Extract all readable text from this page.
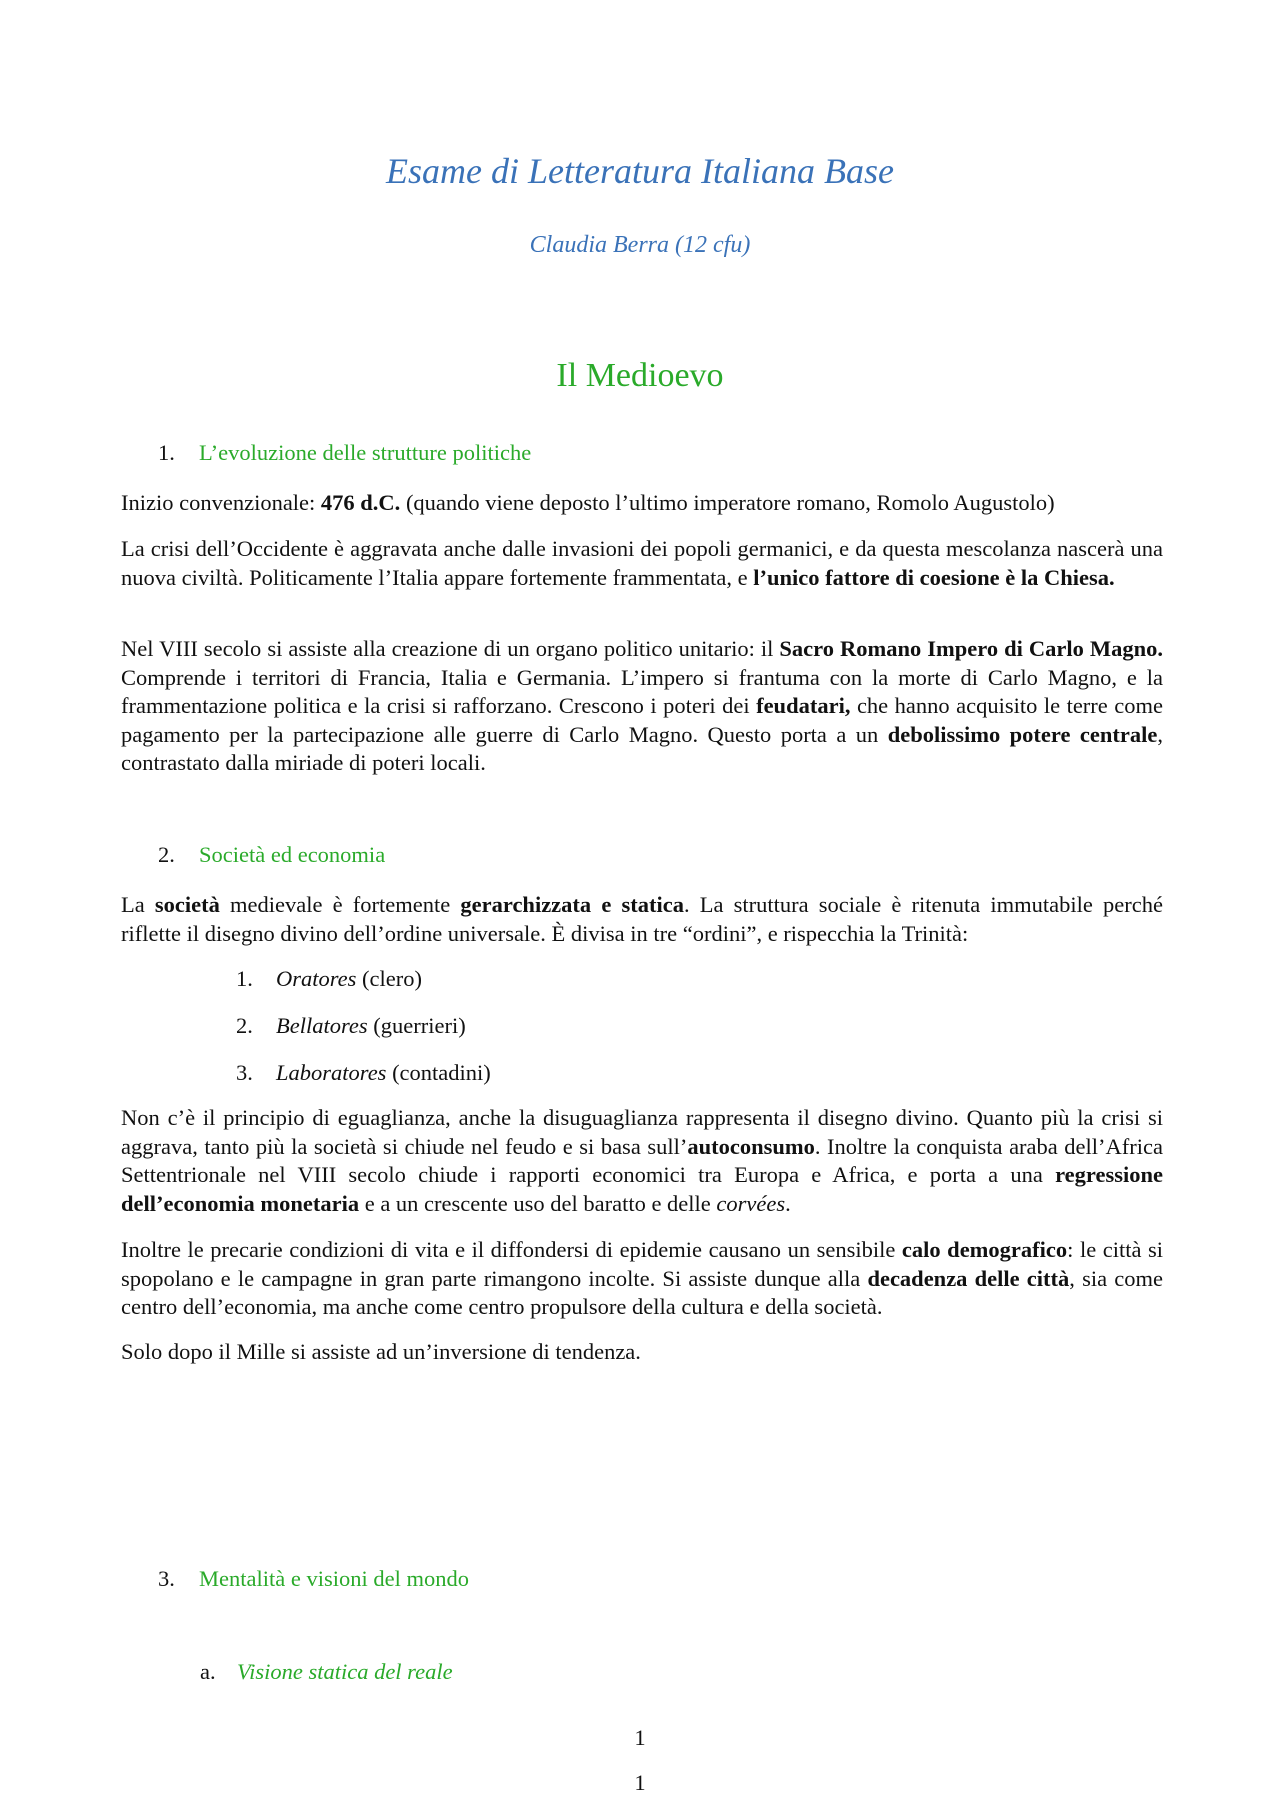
Esame di Letteratura Italiana Base
Claudia Berra (12 cfu)
Il Medioevo
1. L’evoluzione delle strutture politiche
Inizio convenzionale: 476 d.C. (quando viene deposto l’ultimo imperatore romano, Romolo Augustolo)
La crisi dell’Occidente è aggravata anche dalle invasioni dei popoli germanici, e da questa mescolanza nascerà una nuova civiltà. Politicamente l’Italia appare fortemente frammentata, e l’unico fattore di coesione è la Chiesa.
Nel VIII secolo si assiste alla creazione di un organo politico unitario: il Sacro Romano Impero di Carlo Magno. Comprende i territori di Francia, Italia e Germania. L’impero si frantuma con la morte di Carlo Magno, e la frammentazione politica e la crisi si rafforzano. Crescono i poteri dei feudatari, che hanno acquisito le terre come pagamento per la partecipazione alle guerre di Carlo Magno. Questo porta a un debolissimo potere centrale, contrastato dalla miriade di poteri locali.
2. Società ed economia
La società medievale è fortemente gerarchizzata e statica. La struttura sociale è ritenuta immutabile perché riflette il disegno divino dell’ordine universale. È divisa in tre “ordini”, e rispecchia la Trinità:
1. Oratores (clero)
2. Bellatores (guerrieri)
3. Laboratores (contadini)
Non c’è il principio di eguaglianza, anche la disuguaglianza rappresenta il disegno divino. Quanto più la crisi si aggrava, tanto più la società si chiude nel feudo e si basa sull’autoconsumo. Inoltre la conquista araba dell’Africa Settentrionale nel VIII secolo chiude i rapporti economici tra Europa e Africa, e porta a una regressione dell’economia monetaria e a un crescente uso del baratto e delle corvées.
Inoltre le precarie condizioni di vita e il diffondersi di epidemie causano un sensibile calo demografico: le città si spopolano e le campagne in gran parte rimangono incolte. Si assiste dunque alla decadenza delle città, sia come centro dell’economia, ma anche come centro propulsore della cultura e della società.
Solo dopo il Mille si assiste ad un’inversione di tendenza.
3. Mentalità e visioni del mondo
a. Visione statica del reale
1
1
